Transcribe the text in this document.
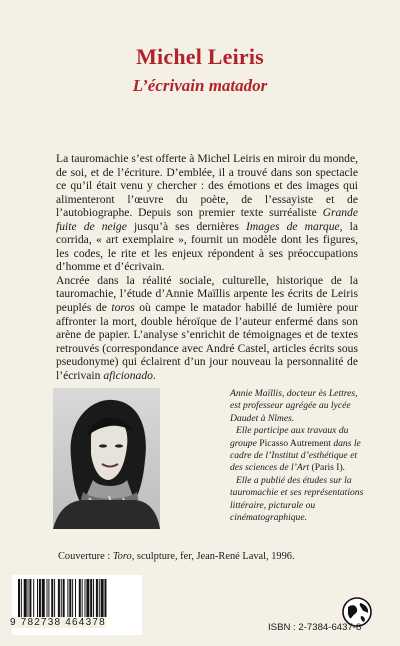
Michel Leiris
L’écrivain matador

La tauromachie s’est offerte à Michel Leiris en miroir du monde, de soi, et de l’écriture. D’emblée, il a trouvé dans son spectacle ce qu’il était venu y chercher : des émotions et des images qui alimenteront l’œuvre du poète, de l’essayiste et de l’autobiographe. Depuis son premier texte surréaliste Grande fuite de neige jusqu’à ses dernières Images de marque, la corrida, « art exemplaire », fournit un modèle dont les figures, les codes, le rite et les enjeux répondent à ses préoccupations d’homme et d’écrivain.

Ancrée dans la réalité sociale, culturelle, historique de la tauromachie, l’étude d’Annie Maïllis arpente les écrits de Leiris peuplés de toros où campe le matador habillé de lumière pour affronter la mort, double héroïque de l’auteur enfermé dans son arène de papier. L’analyse s’enrichit de témoignages et de textes retrouvés (correspondance avec André Castel, articles écrits sous pseudonyme) qui éclairent d’un jour nouveau la personnalité de l’écrivain aficionado.

Annie Maïllis, docteur ès Lettres, est professeur agrégée au lycée Daudet à Nîmes.

Elle participe aux travaux du groupe Picasso Autrement dans le cadre de l’Institut d’esthétique et des sciences de l’Art (Paris I).

Elle a publié des études sur la tauromachie et ses représentations littéraire, picturale ou cinématographique.

Couverture : Toro, sculpture, fer, Jean-René Laval, 1996.
9 782738 464378	ISBN : 2-7384-6437-8
